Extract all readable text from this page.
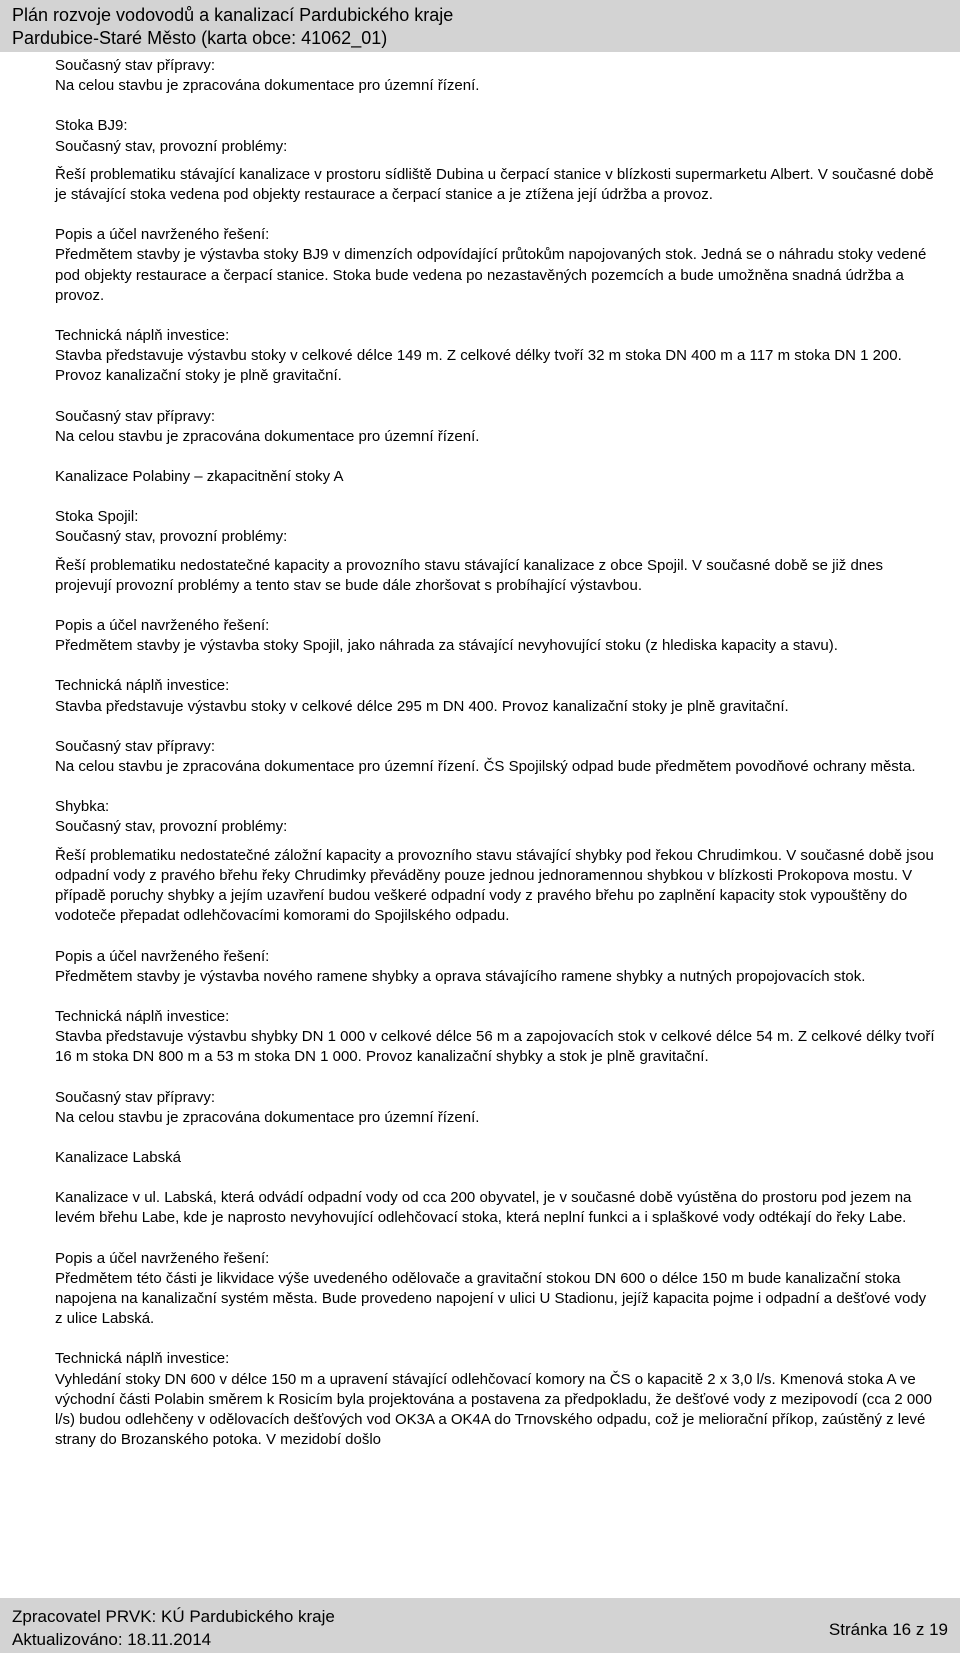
Plán rozvoje vodovodů a kanalizací Pardubického kraje
Pardubice-Staré Město (karta obce: 41062_01)

Současný stav přípravy:
Na celou stavbu je zpracována dokumentace pro územní řízení.

Stoka BJ9:
Současný stav, provozní problémy:

Řeší problematiku stávající kanalizace v prostoru sídliště Dubina u čerpací stanice v blízkosti supermarketu Albert. V současné době je stávající stoka vedena pod objekty restaurace a čerpací stanice a je ztížena její údržba a provoz.

Popis a účel navrženého řešení:
Předmětem stavby je výstavba stoky BJ9 v dimenzích odpovídající průtokům napojovaných stok. Jedná se o náhradu stoky vedené pod objekty restaurace a čerpací stanice. Stoka bude vedena po nezastavěných pozemcích a bude umožněna snadná údržba a provoz.

Technická náplň investice:
Stavba představuje výstavbu stoky v celkové délce 149 m. Z celkové délky tvoří 32 m stoka DN 400 m a 117 m stoka DN 1 200. Provoz kanalizační stoky je plně gravitační.

Současný stav přípravy:
Na celou stavbu je zpracována dokumentace pro územní řízení.

Kanalizace Polabiny – zkapacitnění stoky A

Stoka Spojil:
Současný stav, provozní problémy:

Řeší problematiku nedostatečné kapacity a provozního stavu stávající kanalizace z obce Spojil. V současné době se již dnes projevují provozní problémy a tento stav se bude dále zhoršovat s probíhající výstavbou.

Popis a účel navrženého řešení:
Předmětem stavby je výstavba stoky Spojil, jako náhrada za stávající nevyhovující stoku (z hlediska kapacity a stavu).

Technická náplň investice:
Stavba představuje výstavbu stoky v celkové délce 295 m DN 400. Provoz kanalizační stoky je plně gravitační.

Současný stav přípravy:
Na celou stavbu je zpracována dokumentace pro územní řízení. ČS Spojilský odpad bude předmětem povodňové ochrany města.

Shybka:
Současný stav, provozní problémy:

Řeší problematiku nedostatečné záložní kapacity a provozního stavu stávající shybky pod řekou Chrudimkou. V současné době jsou odpadní vody z pravého břehu řeky Chrudimky převáděny pouze jednou jednoramennou shybkou v blízkosti Prokopova mostu. V případě poruchy shybky a jejím uzavření budou veškeré odpadní vody z pravého břehu po zaplnění kapacity stok vypouštěny do vodoteče přepadat odlehčovacími komorami do Spojilského odpadu.

Popis a účel navrženého řešení:
Předmětem stavby je výstavba nového ramene shybky a oprava stávajícího ramene shybky a nutných propojovacích stok.

Technická náplň investice:
Stavba představuje výstavbu shybky DN 1 000 v celkové délce 56 m a zapojovacích stok v celkové délce 54 m. Z celkové délky tvoří 16 m stoka DN 800 m a 53 m stoka DN 1 000. Provoz kanalizační shybky a stok je plně gravitační.

Současný stav přípravy:
Na celou stavbu je zpracována dokumentace pro územní řízení.

Kanalizace Labská

Kanalizace v ul. Labská, která odvádí odpadní vody od cca 200 obyvatel, je v současné době vyústěna do prostoru pod jezem na levém břehu Labe, kde je naprosto nevyhovující odlehčovací stoka, která neplní funkci a i splaškové vody odtékají do řeky Labe.

Popis a účel navrženého řešení:
Předmětem této části je likvidace výše uvedeného odělovače a gravitační stokou DN 600 o délce 150 m bude kanalizační stoka napojena na kanalizační systém města. Bude provedeno napojení v ulici U Stadionu, jejíž kapacita pojme i odpadní a dešťové vody z ulice Labská.

Technická náplň investice:
Vyhledání stoky DN 600 v délce 150 m a upravení stávající odlehčovací komory na ČS o kapacitě 2 x 3,0 l/s. Kmenová stoka A ve východní části Polabin směrem k Rosicím byla projektována a postavena za předpokladu, že dešťové vody z mezipovodí (cca 2 000 l/s) budou odlehčeny v odělovacích dešťových vod OK3A a OK4A do Trnovského odpadu, což je meliorační příkop, zaústěný z levé strany do Brozanského potoka. V mezidobí došlo

Zpracovatel PRVK: KÚ Pardubického kraje
Aktualizováno: 18.11.2014
Stránka 16 z 19
